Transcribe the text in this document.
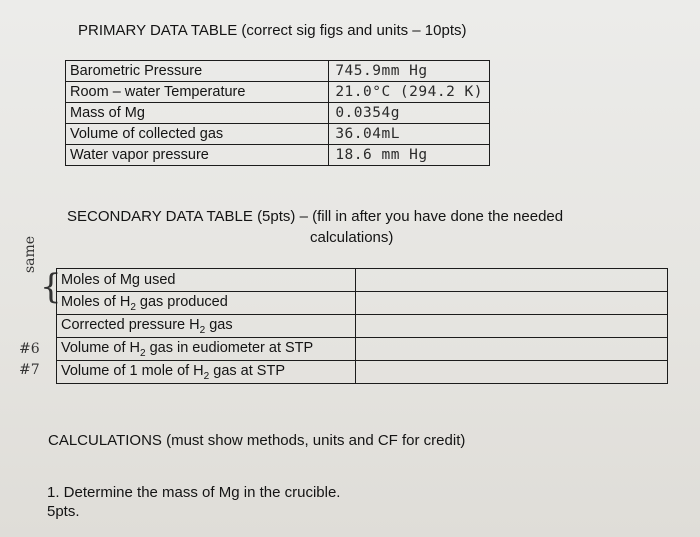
PRIMARY DATA TABLE (correct sig figs and units – 10pts)
Barometric Pressure	745.9mm Hg
Room – water Temperature	21.0°C (294.2 K)
Mass of Mg	0.0354g
Volume of collected gas	36.04mL
Water vapor pressure	18.6 mm Hg
SECONDARY DATA TABLE (5pts) – (fill in after you have done the needed
calculations)
same
{
#6
#7
Moles of Mg used	
Moles of $H_2$ gas produced	
Corrected pressure $H_2$ gas	
Volume of $H_2$ gas in eudiometer at STP	
Volume of 1 mole of $H_2$ gas at STP	
CALCULATIONS (must show methods, units and CF for credit)
1. Determine the mass of Mg in the crucible.
5pts.
